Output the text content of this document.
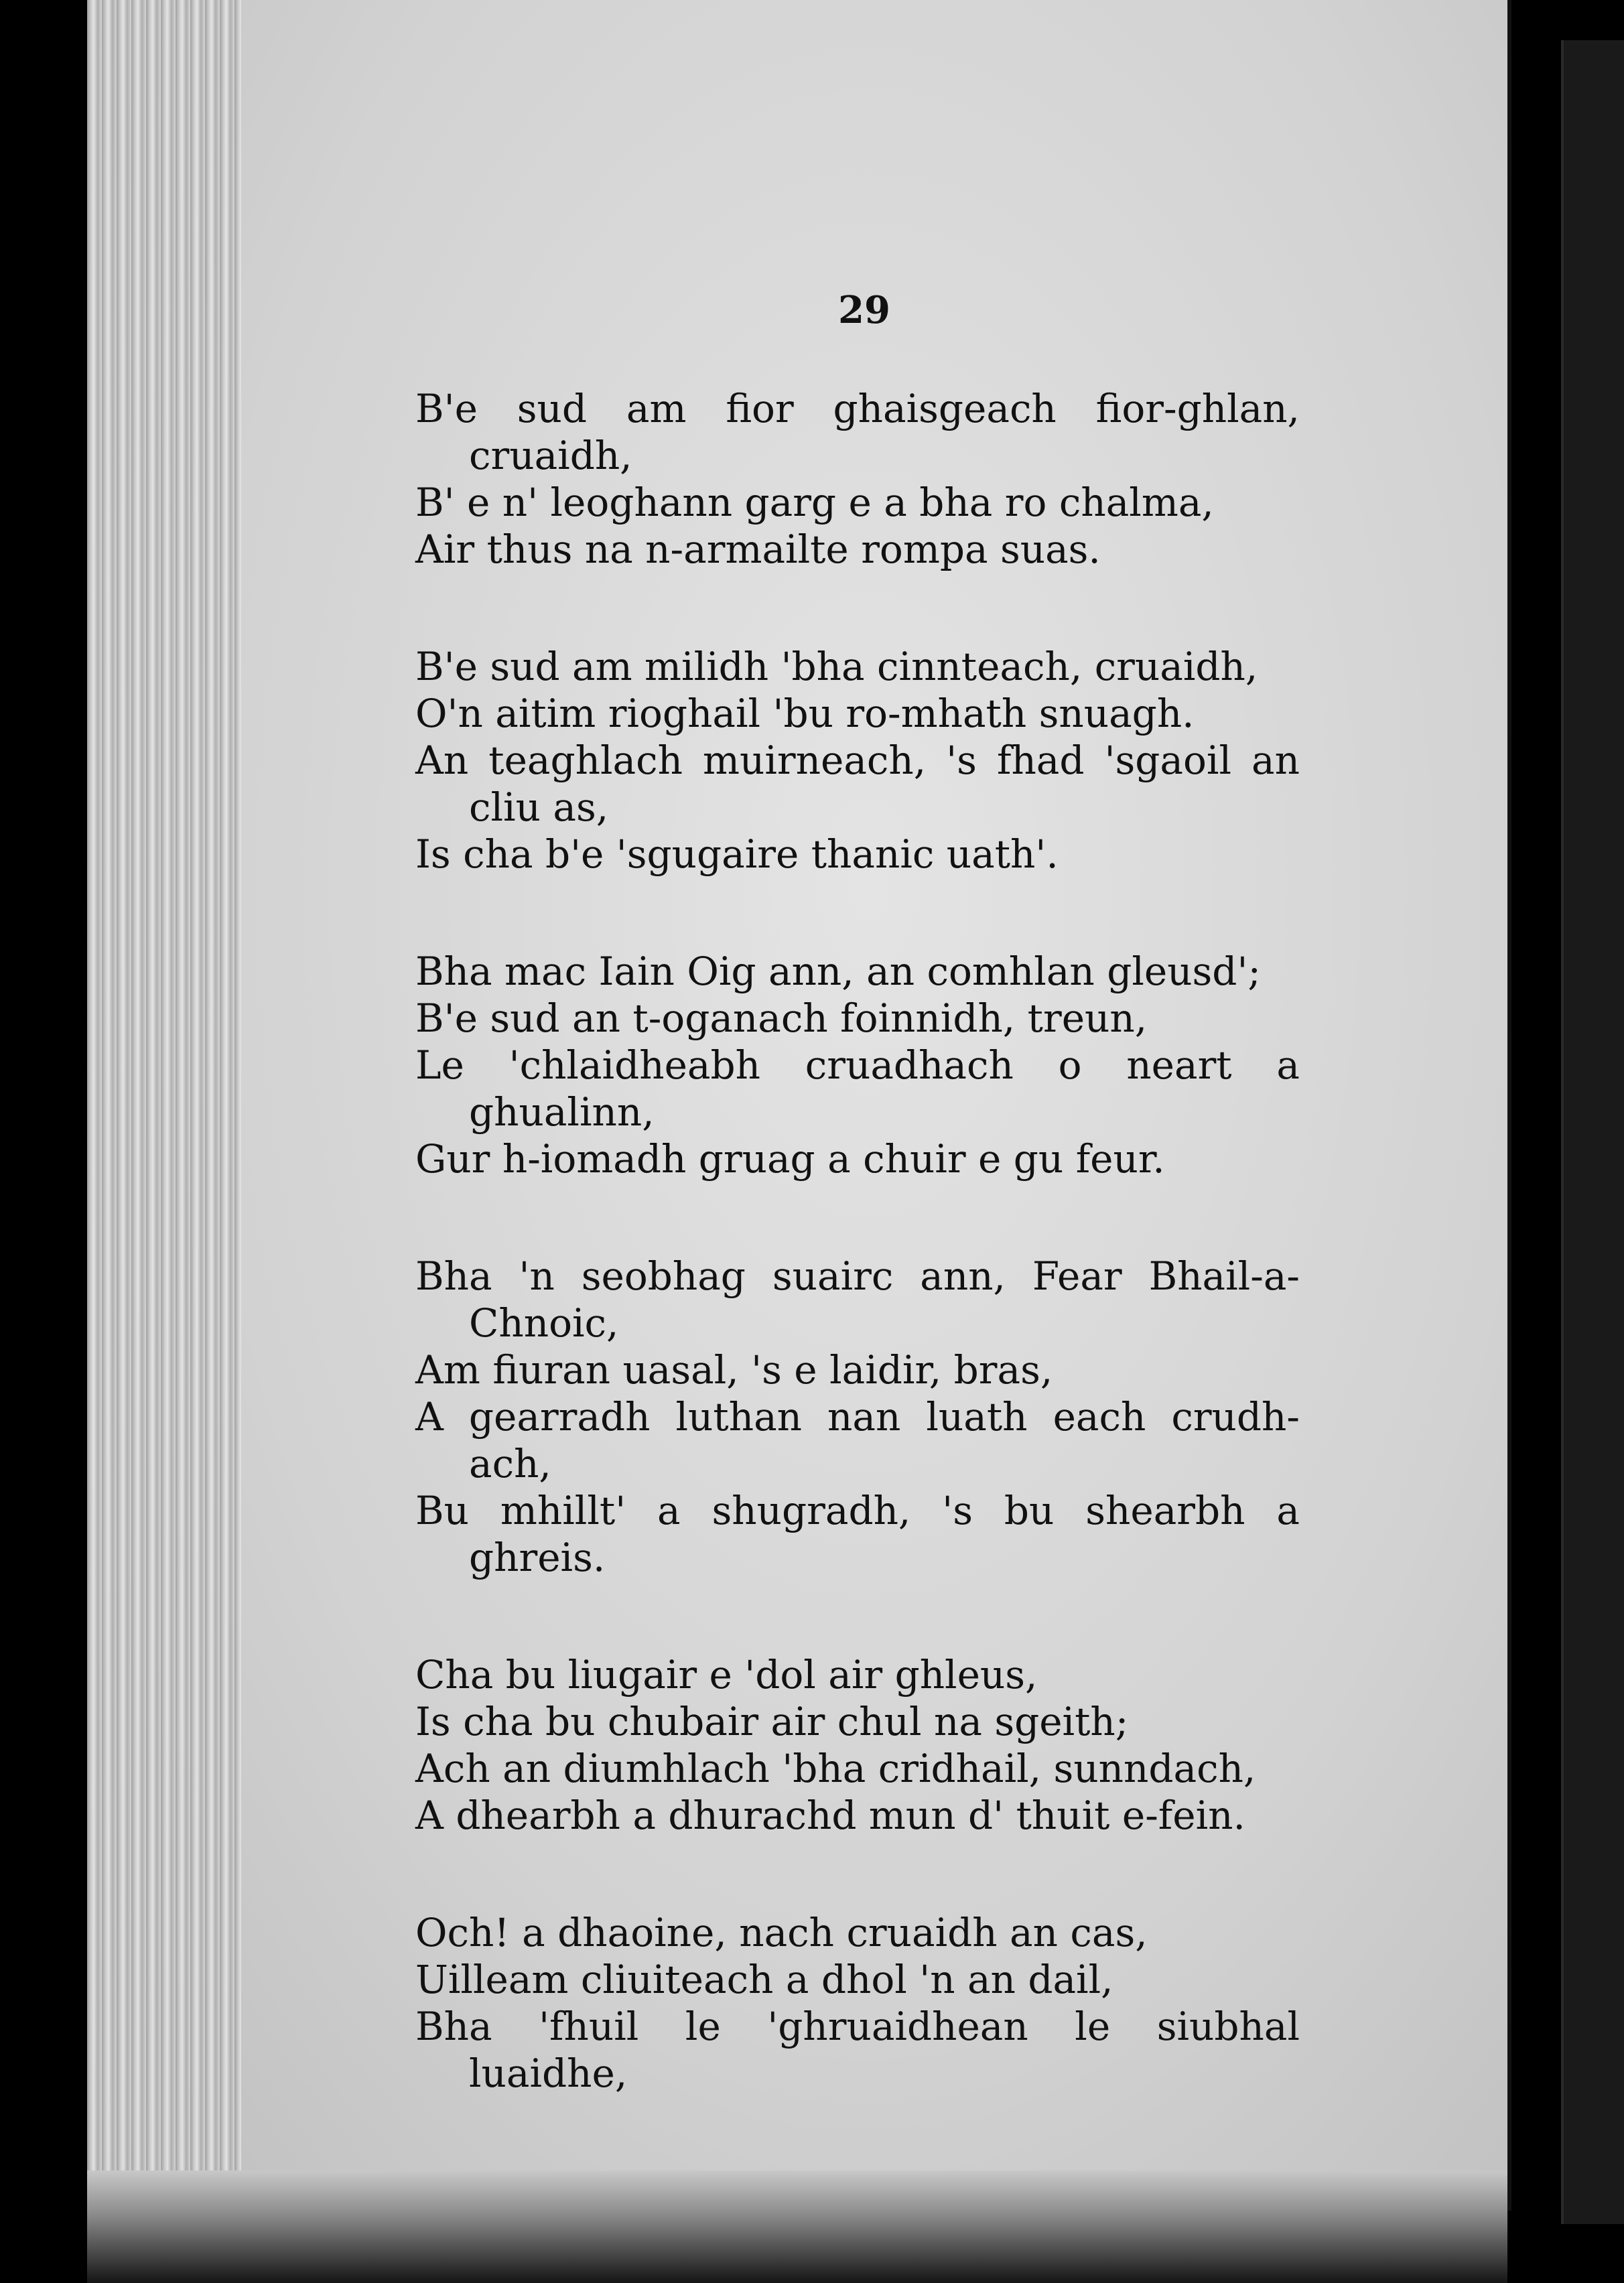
29
B'e sud am fior ghaisgeach fior-ghlan,
cruaidh,
B' e n' leoghann garg e a bha ro chalma,
Air thus na n-armailte rompa suas.
B'e sud am milidh 'bha cinnteach, cruaidh,
O'n aitim rioghail 'bu ro-mhath snuagh.
An teaghlach muirneach, 's fhad 'sgaoil an
cliu as,
Is cha b'e 'sgugaire thanic uath'.
Bha mac Iain Oig ann, an comhlan gleusd';
B'e sud an t-oganach foinnidh, treun,
Le 'chlaidheabh cruadhach o neart a
ghualinn,
Gur h-iomadh gruag a chuir e gu feur.
Bha 'n seobhag suairc ann, Fear Bhail-a-
Chnoic,
Am fiuran uasal, 's e laidir, bras,
A gearradh luthan nan luath each crudh-
ach,
Bu mhillt' a shugradh, 's bu shearbh a
ghreis.
Cha bu liugair e 'dol air ghleus,
Is cha bu chubair air chul na sgeith;
Ach an diumhlach 'bha cridhail, sunndach,
A dhearbh a dhurachd mun d' thuit e-fein.
Och! a dhaoine, nach cruaidh an cas,
Uilleam cliuiteach a dhol 'n an dail,
Bha 'fhuil le 'ghruaidhean le siubhal
luaidhe,
